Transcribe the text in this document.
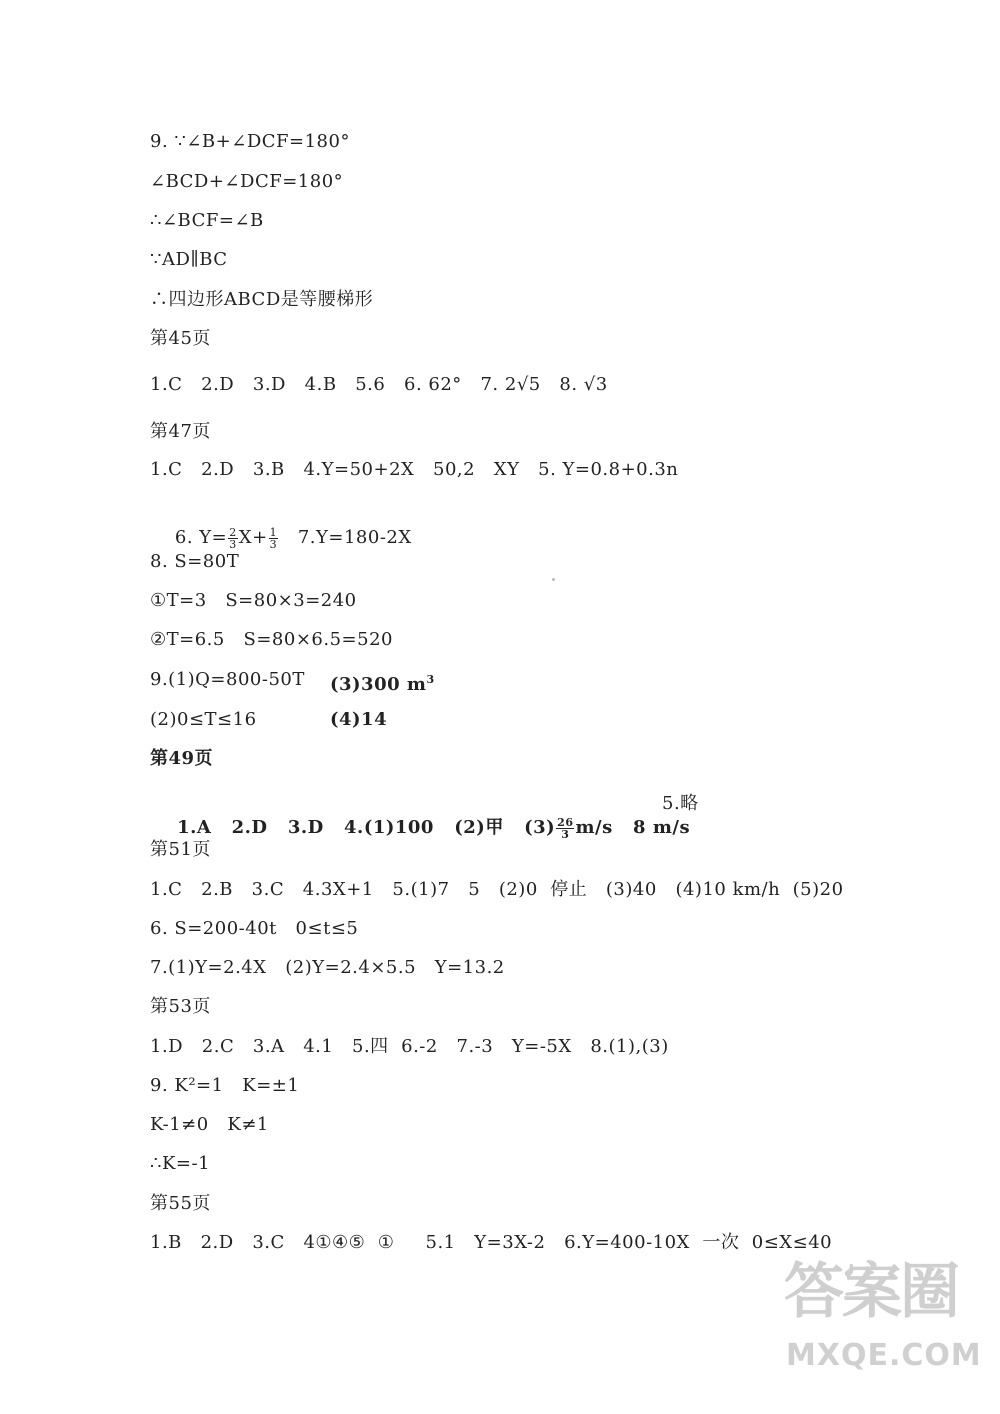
9. ∵∠B+∠DCF=180°
∠BCD+∠DCF=180°
∴∠BCF=∠B
∵AD∥BC
∴四边形ABCD是等腰梯形
第45页
1.C   2.D   3.D   4.B   5.6   6. 62°   7. 2√5   8. √3
第47页
1.C   2.D   3.B   4.Y=50+2X   50,2   XY   5. Y=0.8+0.3n

6. $Y= \frac{2}{3} X+ \frac{1}{3} 7.Y=180-2X$

8. S=80T
①T=3   S=80×3=240
②T=6.5   S=80×6.5=520
9.(1)Q=800-50T (3)300 $m^3$
(2)0≤T≤16	(4)14
第49页

1.A   2.D   3.D   4.(1)100   (2)甲   $(3) \frac{26}{3} m/s$   8 m/s

5.略
第51页
1.C   2.B   3.C   4.3X+1   5.(1)7   5   (2)0  停止   (3)40   (4)10 km/h  (5)20
6. S=200-40t   0≤t≤5
7.(1)Y=2.4X   (2)Y=2.4×5.5   Y=13.2
第53页
1.D   2.C   3.A   4.1   5.四  6.-2   7.-3   Y=-5X   8.(1),(3)
9. K²=1   K=±1
K-1≠0   K≠1
∴K=-1
第55页
1.B   2.D   3.C   4①④⑤  ①     5.1   Y=3X-2   6.Y=400-10X  一次  0≤X≤40
答案圈
MXQE.COM
